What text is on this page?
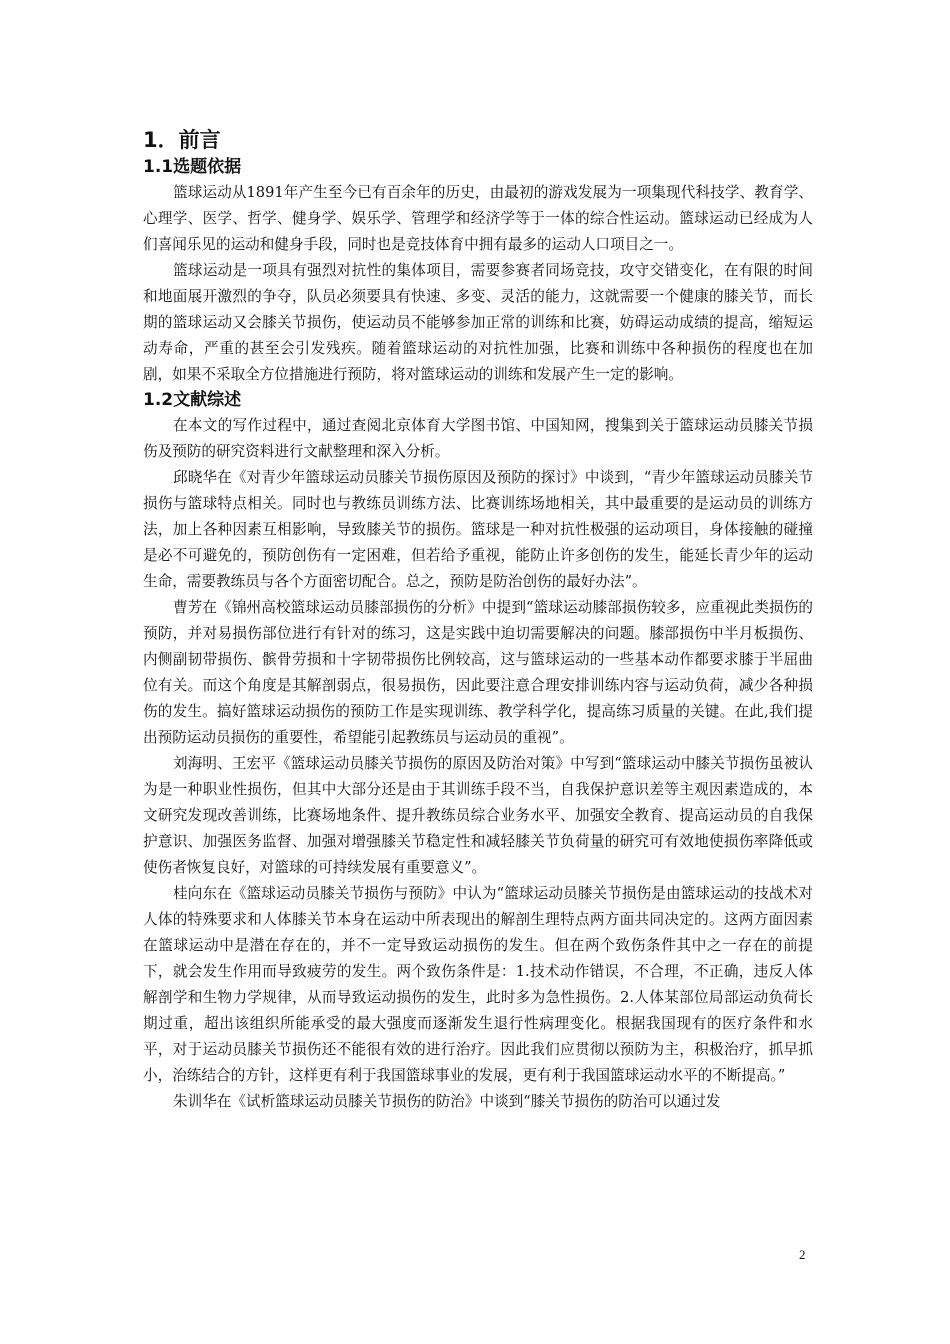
1．前言
1.1选题依据

篮球运动从1891年产生至今已有百余年的历史，由最初的游戏发展为一项集现代科技学、教育学、心理学、医学、哲学、健身学、娱乐学、管理学和经济学等于一体的综合性运动。篮球运动已经成为人们喜闻乐见的运动和健身手段，同时也是竞技体育中拥有最多的运动人口项目之一。

篮球运动是一项具有强烈对抗性的集体项目，需要参赛者同场竞技，攻守交错变化，在有限的时间和地面展开激烈的争夺，队员必须要具有快速、多变、灵活的能力，这就需要一个健康的膝关节，而长期的篮球运动又会膝关节损伤，使运动员不能够参加正常的训练和比赛，妨碍运动成绩的提高，缩短运动寿命，严重的甚至会引发残疾。随着篮球运动的对抗性加强，比赛和训练中各种损伤的程度也在加剧，如果不采取全方位措施进行预防，将对篮球运动的训练和发展产生一定的影响。

1.2文献综述

在本文的写作过程中，通过查阅北京体育大学图书馆、中国知网，搜集到关于篮球运动员膝关节损伤及预防的研究资料进行文献整理和深入分析。

邱晓华在《对青少年篮球运动员膝关节损伤原因及预防的探讨》中谈到，“青少年篮球运动员膝关节损伤与篮球特点相关。同时也与教练员训练方法、比赛训练场地相关，其中最重要的是运动员的训练方法，加上各种因素互相影响，导致膝关节的损伤。篮球是一种对抗性极强的运动项目，身体接触的碰撞是必不可避免的，预防创伤有一定困难，但若给予重视，能防止许多创伤的发生，能延长青少年的运动生命，需要教练员与各个方面密切配合。总之，预防是防治创伤的最好办法”。

曹芳在《锦州高校篮球运动员膝部损伤的分析》中提到“篮球运动膝部损伤较多，应重视此类损伤的预防，并对易损伤部位进行有针对的练习，这是实践中迫切需要解决的问题。膝部损伤中半月板损伤、内侧副韧带损伤、髌骨劳损和十字韧带损伤比例较高，这与篮球运动的一些基本动作都要求膝于半屈曲位有关。而这个角度是其解剖弱点，很易损伤，因此要注意合理安排训练内容与运动负荷，减少各种损伤的发生。搞好篮球运动损伤的预防工作是实现训练、教学科学化，提高练习质量的关键。在此,我们提出预防运动员损伤的重要性，希望能引起教练员与运动员的重视”。

刘海明、王宏平《篮球运动员膝关节损伤的原因及防治对策》中写到“篮球运动中膝关节损伤虽被认为是一种职业性损伤，但其中大部分还是由于其训练手段不当，自我保护意识差等主观因素造成的，本文研究发现改善训练，比赛场地条件、提升教练员综合业务水平、加强安全教育、提高运动员的自我保护意识、加强医务监督、加强对增强膝关节稳定性和减轻膝关节负荷量的研究可有效地使损伤率降低或使伤者恢复良好，对篮球的可持续发展有重要意义”。

桂向东在《篮球运动员膝关节损伤与预防》中认为“篮球运动员膝关节损伤是由篮球运动的技战术对人体的特殊要求和人体膝关节本身在运动中所表现出的解剖生理特点两方面共同决定的。这两方面因素在篮球运动中是潜在存在的，并不一定导致运动损伤的发生。但在两个致伤条件其中之一存在的前提下，就会发生作用而导致疲劳的发生。两个致伤条件是：1.技术动作错误，不合理，不正确，违反人体解剖学和生物力学规律，从而导致运动损伤的发生，此时多为急性损伤。2.人体某部位局部运动负荷长期过重，超出该组织所能承受的最大强度而逐渐发生退行性病理变化。根据我国现有的医疗条件和水平，对于运动员膝关节损伤还不能很有效的进行治疗。因此我们应贯彻以预防为主，积极治疗，抓早抓小，治练结合的方针，这样更有利于我国篮球事业的发展，更有利于我国篮球运动水平的不断提高。”

朱训华在《试析篮球运动员膝关节损伤的防治》中谈到“膝关节损伤的防治可以通过发

2
